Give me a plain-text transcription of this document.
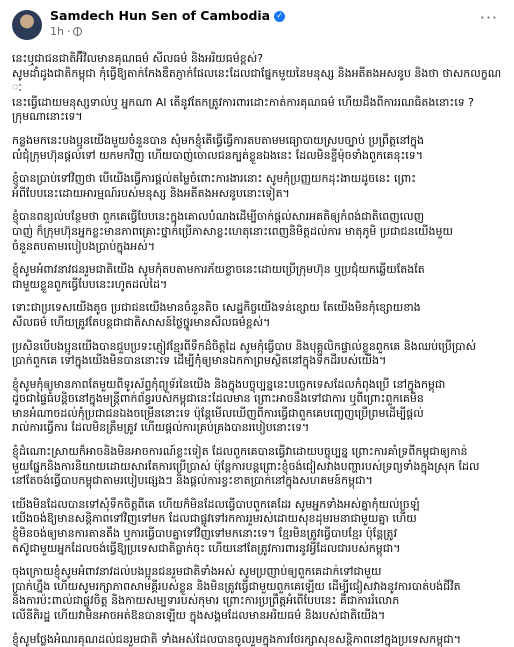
Samdech Hun Sen of Cambodia ✓
1h ·
···

នេះឬជាជនជាតិអ៊ីវិលមានគុណធម៌ សីលធម៌ និងអរិយធម៌ខ្ពស់?
សូមដាំដូងជាតិកម្ពុជា កុំធ្វើឱ្យតាក់កែងឌឹតភ្ញាក់ផែលនេះដែលជាផ្នែកមួយនៃមនុស្ស និងអតីតងអសនូប និងថា ថាសកលក្ខណៈ
នេះធ្វើដោយមនុស្សទាល់ឬ អ្នកណា AI តើនូវតែកត្រូវការពារដោះកាត់ការគុណធម៌ ហើយដឹងពីការរណធិតងនោះទេ ?
ក្រុមណានោះទេ។

កន្លងមកនេះបងប្អូនយើងមួយចំនួនបាន សុំមកខ្ញុំតើធ្វើធ្វើការតបតាមមធ្យោបាយស្របច្បាប់ ប្រព្រឹត្តនៅក្នុង
លំជុំក្រុមហ៊ុនផ្តល់ទៅ យកមកវិញ ហើយបាញ់ចោលជនក្បត់ខ្លួនឯងនេះ ដែលមិនខ្ចីម៉ុចទាំងពួកគេនុះទេ។

ខ្ញុំបានប្រាប់ទៅវិញថា បើយើងធ្វើការផ្តល់តម្លៃចំពោះការងារនោះ សូមកុំប្រញ្ញយកដុះងាយដូចនេះ ព្រោះ
អំពីបែបនេះដោយអារម្មណ៍របស់មនុស្ស និងអតីតងអសនូបនោះទៀត។

ខ្ញុំបានពន្យល់បន្ថែមថា ពួកគេធ្វើបែបនេះក្នុងគោលបំណងដើម្បីចាក់ផ្តល់សារអគតិឲ្យកំពង់ជាតិពេញលេញ
បាញ់ ក៏ក្រុមហ៊ុនអ្នកខ្លះមានភាពគ្រោះថ្នាក់ប្រើភាសាខ្លះហេតុនោះពេញនិមិត្តដល់ការ មាតុភូមិ ប្រជាជនយើងមួយ
ចំនួនតបតាមរបៀបងប្រាប់ក្នុងអស់។

ខ្ញុំសូមអំពាវនាវជនរួមជាតិយើង សូមកុំតបតាមការភ័យខ្លាចនេះដោយប្រើក្រុមហ៊ុន ឬប្រជុំយកឆ្លើយតែងតែ
ជាមួយខ្លួនពួកធ្វើបែបនេះរហូតដល់ដៃ។

ទោះជាប្រទេសយើងតូច ប្រជាជនយើងមានចំនួនតិច សេដ្ឋកិច្ចយើងទន់ខ្សោយ តែយើងមិនកុំខ្សោយខាង
សីលធម៌ ហើយត្រូវតែបន្តជាជាតិសាសន៍ថ្លៃថ្នូរមានសីលធម៌ខ្ពស់។

ប្រសិនបើបងប្អូនយើងបានជួបប្រទះភ្ញៀវខ្មែរពីទឹកដ៏ចិត្តដៃ សូមកុំធ្វើបាប និងបុគ្គលិកផ្ទាល់ខ្លួនពួកគេ និងឈប់ប្រើប្រាស់
ប្រាក់ពួកគេ ទៅក្នុងយើងមិនបាននោះទេ ដើម្បីកុំឲ្យមានឯកកាព្រមស្ថិតនៅក្នុងទឹកដីរបស់យើង។

ខ្ញុំសូមកុំឲ្យមានភាពតែមួយពីទូរស័ព្ទកុំព្យូទ័រនៃយើង និងក្នុងបច្ចុប្បន្ននេះបច្ចេកទេសដែលកំពុងប្រើ នៅក្នុងកម្ពុជា
ដូចជាផ្ទៃធំបន្តិចនៅក្នុងមន្ត្រីពាក់ព័ន្ធរបស់កម្ពុជានេះដែលមាន ព្រោះអាចនឹងទៅជាការ ឬពីព្រោះពួកគេមិន
មានអំណាចដល់កុំប្រជាជនឯងចម្រើននោះទេ ប៉ុន្តែមើលឃើញពីការធ្វើជាពួកគេបញ្ចេញប្រើព្រមដើម្បីផ្តល់
រាល់ការធ្វើការ ដែលមិនត្រឹមត្រូវ ហើយផ្តល់ការគ្រប់គ្រងបានរបៀបនោះទេ។

ខ្ញុំដំណោះស្រាយក៏អាចនិងមិនអាចការណ៍ខ្លះទៀត ដែលពួកគេបានធ្វើវាដោយបច្ចុប្បន្ន ព្រោះការគាំទ្រពីកម្ពុជាឲ្យកាន់
មួយផ្នែកនិងការនិយាយដោយសារតែការប្រើប្រាស់ ប៉ុន្តែការបន្តព្រោះខ្ញុំចង់ជៀសវាងបញ្ហារបស់ទ្រព្យទាំងក្នុងស្រុក ដែល
នៅតែចង់ធ្វើបាបកម្ពុជាតាមរបៀបផ្សេងៗ និងផ្តល់ការខ្វះខាតប្រាក់នៅក្នុងសហគមន៍កម្ពុជា។

យើងមិនដែលបានទៅសុំទឹកចិត្តពីគេ ហើយក៏មិនដែលធ្វើបាបពួកគេដែរ សូមអ្នកទាំងអស់គ្នាកុំយល់ច្រឡំ
យើងចង់ឱ្យមានសន្តិភាពទៅវិញទៅមក ដែលជាផ្លូវទៅរកការរួមរស់ដោយសុខដុមរមនាជាមួយគ្នា ហើយ
ខ្ញុំមិនចង់ឲ្យមានការតានតឹង ឬការធ្វើបាបគ្នាទៅវិញទៅមកនោះទេ។ ខ្មែរមិនត្រូវធ្វើបាបខ្មែរ ប៉ុន្តែត្រូវ
តស៊ូជាមួយអ្នកដែលចង់ធ្វើឱ្យប្រទេសជាតិធ្លាក់ចុះ ហើយនៅតែត្រូវការពារនូវអ្វីដែលជារបស់កម្ពុជា។

ចុងក្រោយខ្ញុំសូមអំពាវនាវដល់បងប្អូនជនរួមជាតិទាំងអស់ សូមប្រញាប់ឲ្យពួកគេដាក់ទៅជាមួយ
ប្រាក់ហ្នឹង ហើយសូមរក្សាភាពសាមគ្គីរបស់ខ្លួន និងមិនត្រូវធ្វើជាមួយពួកគេឡើយ ដើម្បីជៀសវាងនូវការបាត់បង់ជីវិត
និងការប៉ះពាល់ជាផ្លូវចិត្ត និងកាយសម្បទារបស់កុមារ ព្រោះការប្រព្រឹត្តអំពើបែបនេះ គឺជាការរំលោភ
លើនីតិរដ្ឋ ហើយវាមិនអាចអត់ឱនបានឡើយ ក្នុងសង្គមដែលមានអរិយធម៌ និងរបស់ជាតិយើង។

ខ្ញុំសូមថ្លែងអំណរគុណដល់ជនរួមជាតិ ទាំងអស់ដែលបានចូលរួមក្នុងការថែរក្សាសុខសន្តិភាពនៅក្នុងប្រទេសកម្ពុជា។
